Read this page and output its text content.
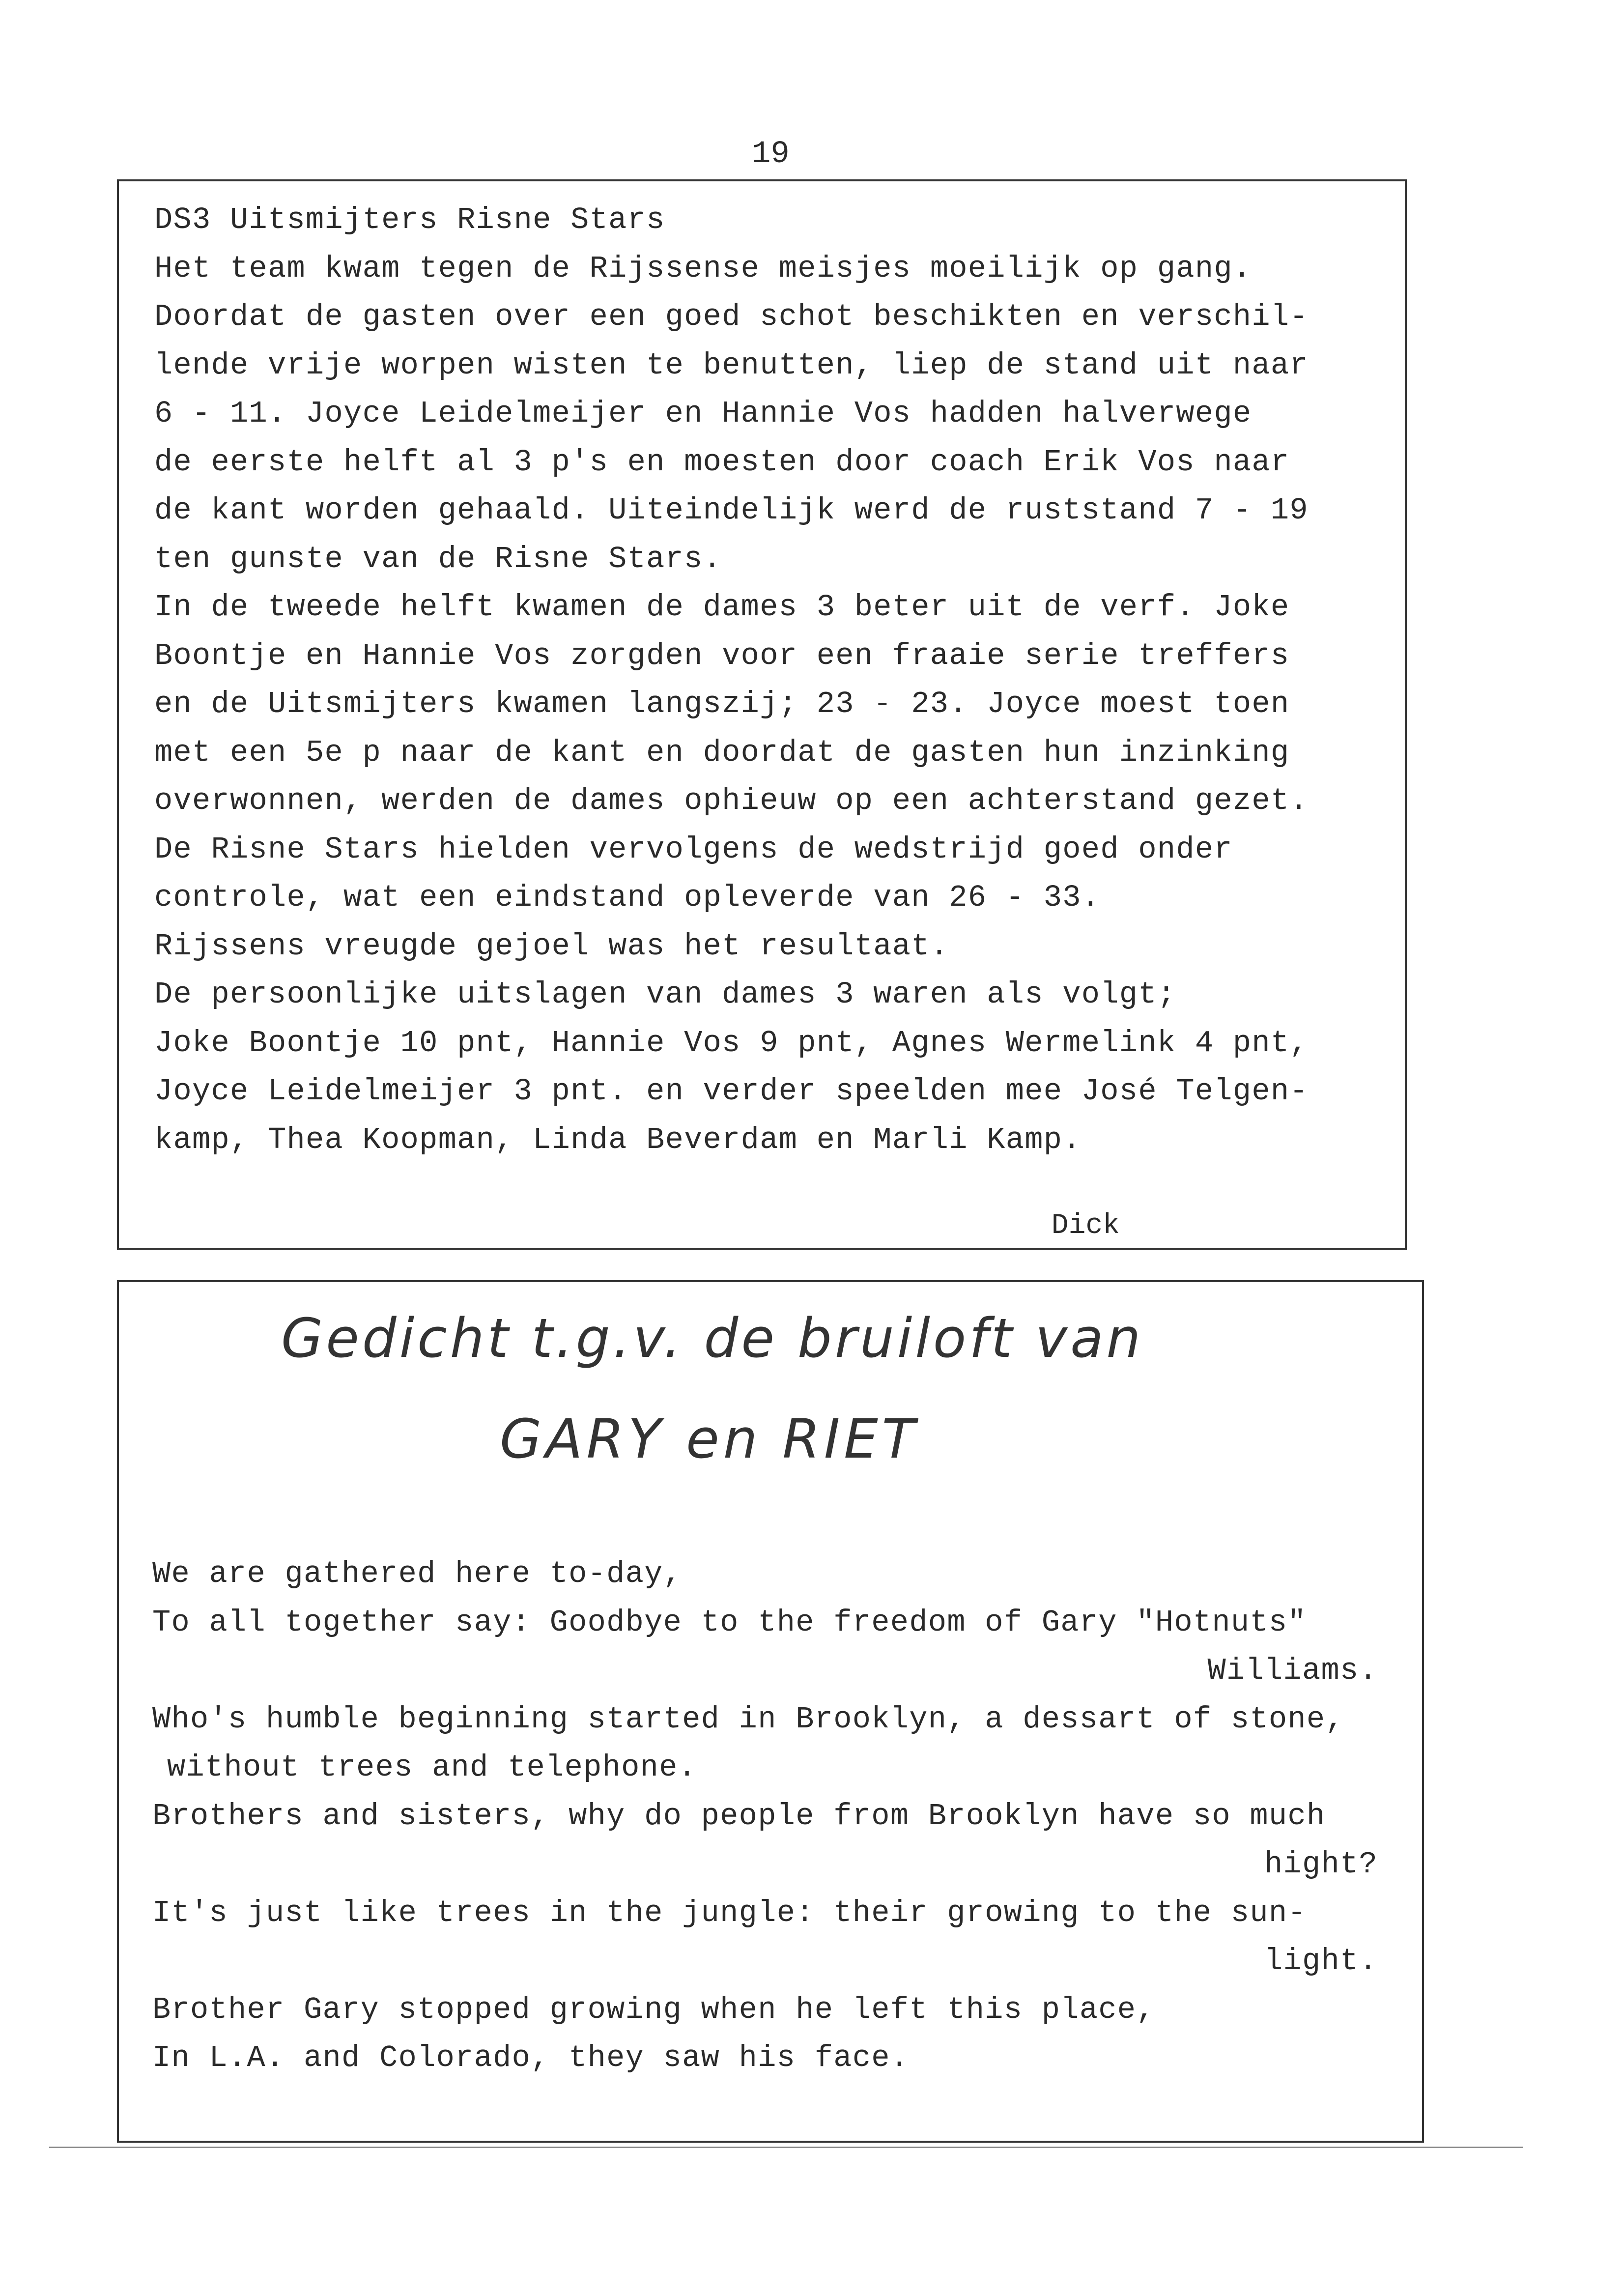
19
DS3 Uitsmijters Risne Stars
Het team kwam tegen de Rijssense meisjes moeilijk op gang.
Doordat de gasten over een goed schot beschikten en verschil-
lende vrije worpen wisten te benutten, liep de stand uit naar
6 - 11. Joyce Leidelmeijer en Hannie Vos hadden halverwege
de eerste helft al 3 p's en moesten door coach Erik Vos naar
de kant worden gehaald. Uiteindelijk werd de ruststand 7 - 19
ten gunste van de Risne Stars.
In de tweede helft kwamen de dames 3 beter uit de verf. Joke
Boontje en Hannie Vos zorgden voor een fraaie serie treffers
en de Uitsmijters kwamen langszij; 23 - 23. Joyce moest toen
met een 5e p naar de kant en doordat de gasten hun inzinking
overwonnen, werden de dames ophieuw op een achterstand gezet.
De Risne Stars hielden vervolgens de wedstrijd goed onder
controle, wat een eindstand opleverde van 26 - 33.
Rijssens vreugde gejoel was het resultaat.
De persoonlijke uitslagen van dames 3 waren als volgt;
Joke Boontje 10 pnt, Hannie Vos 9 pnt, Agnes Wermelink 4 pnt,
Joyce Leidelmeijer 3 pnt. en verder speelden mee José Telgen-
kamp, Thea Koopman, Linda Beverdam en Marli Kamp.
Dick
Gedicht t.g.v. de bruiloft van
GARY en RIET
We are gathered here to-day,
To all together say: Goodbye to the freedom of Gary "Hotnuts"
Williams.
Who's humble beginning started in Brooklyn, a dessart of stone,
without trees and telephone.
Brothers and sisters, why do people from Brooklyn have so much
hight?
It's just like trees in the jungle: their growing to the sun-
light.
Brother Gary stopped growing when he left this place,
In L.A. and Colorado, they saw his face.
